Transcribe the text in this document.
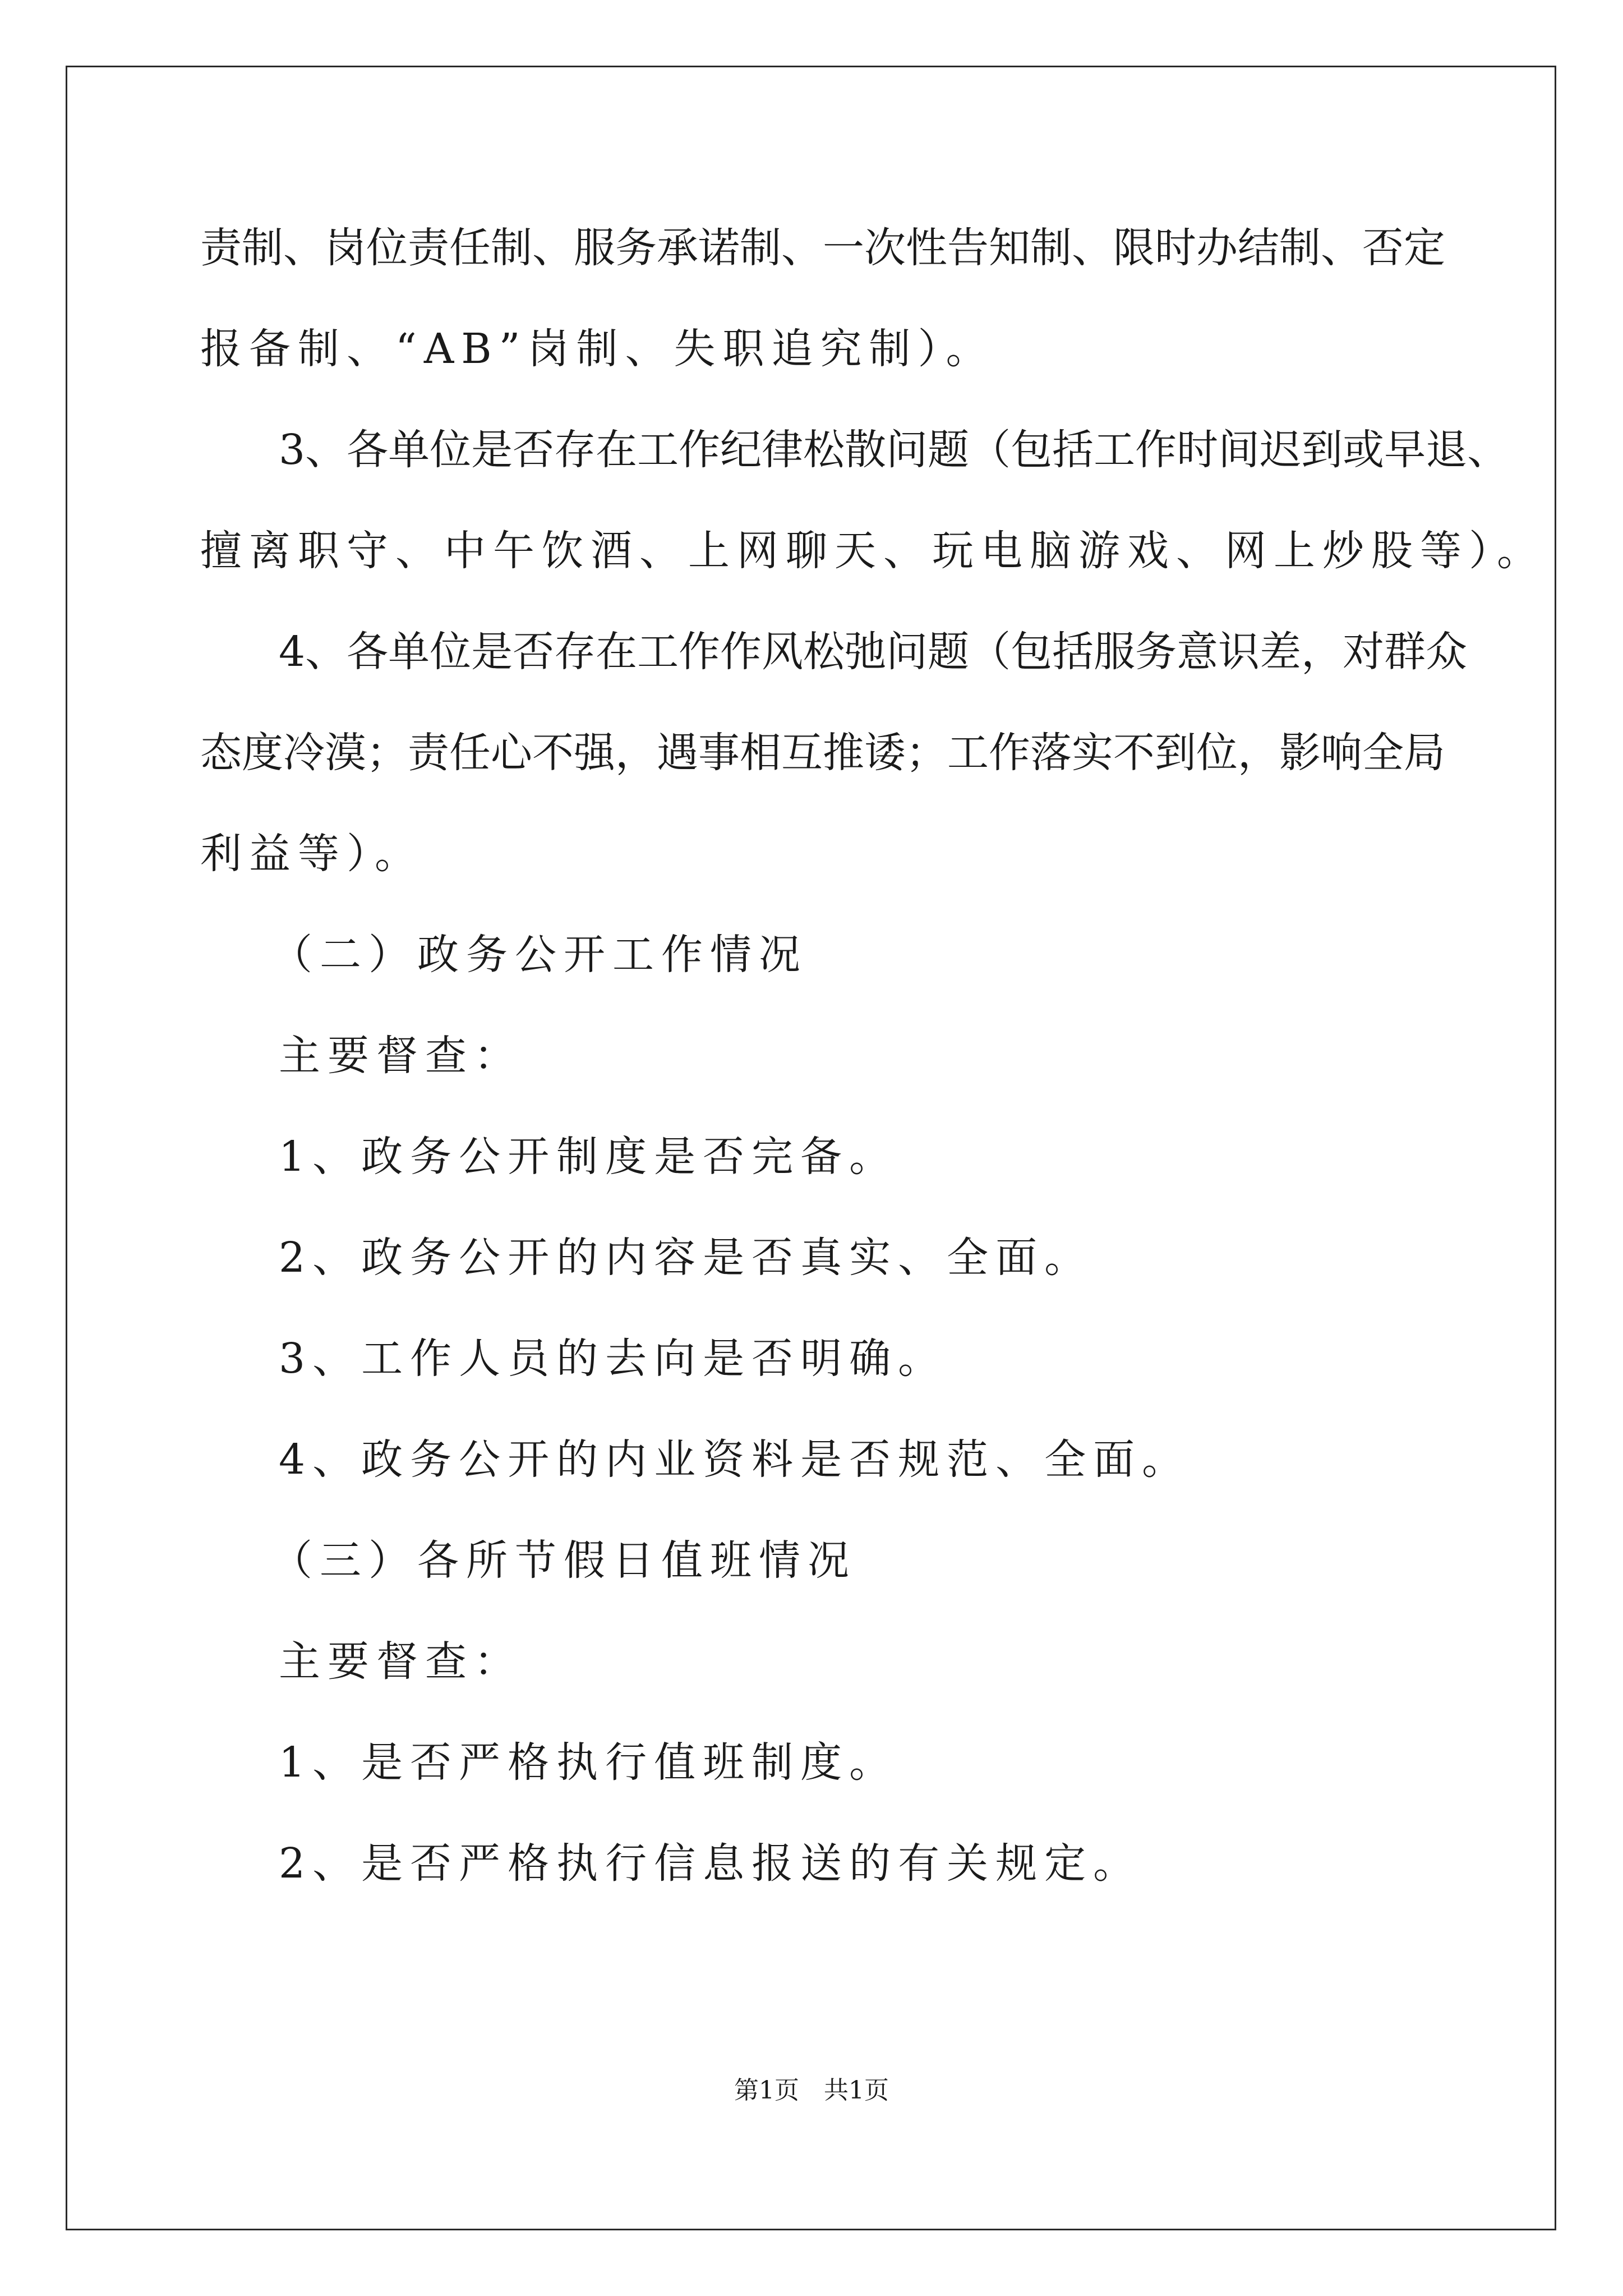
责制、岗位责任制、服务承诺制、一次性告知制、限时办结制、否定
报备制、“AB”岗制、失职追究制）。
3、各单位是否存在工作纪律松散问题（包括工作时间迟到或早退、
擅离职守、中午饮酒、上网聊天、玩电脑游戏、网上炒股等）。
4、各单位是否存在工作作风松弛问题（包括服务意识差，对群众
态度冷漠；责任心不强，遇事相互推诿；工作落实不到位，影响全局
利益等）。
（二）政务公开工作情况
主要督查：
1、政务公开制度是否完备。
2、政务公开的内容是否真实、全面。
3、工作人员的去向是否明确。
4、政务公开的内业资料是否规范、全面。
（三）各所节假日值班情况
主要督查：
1、是否严格执行值班制度。
2、是否严格执行信息报送的有关规定。
第1页　共1页
